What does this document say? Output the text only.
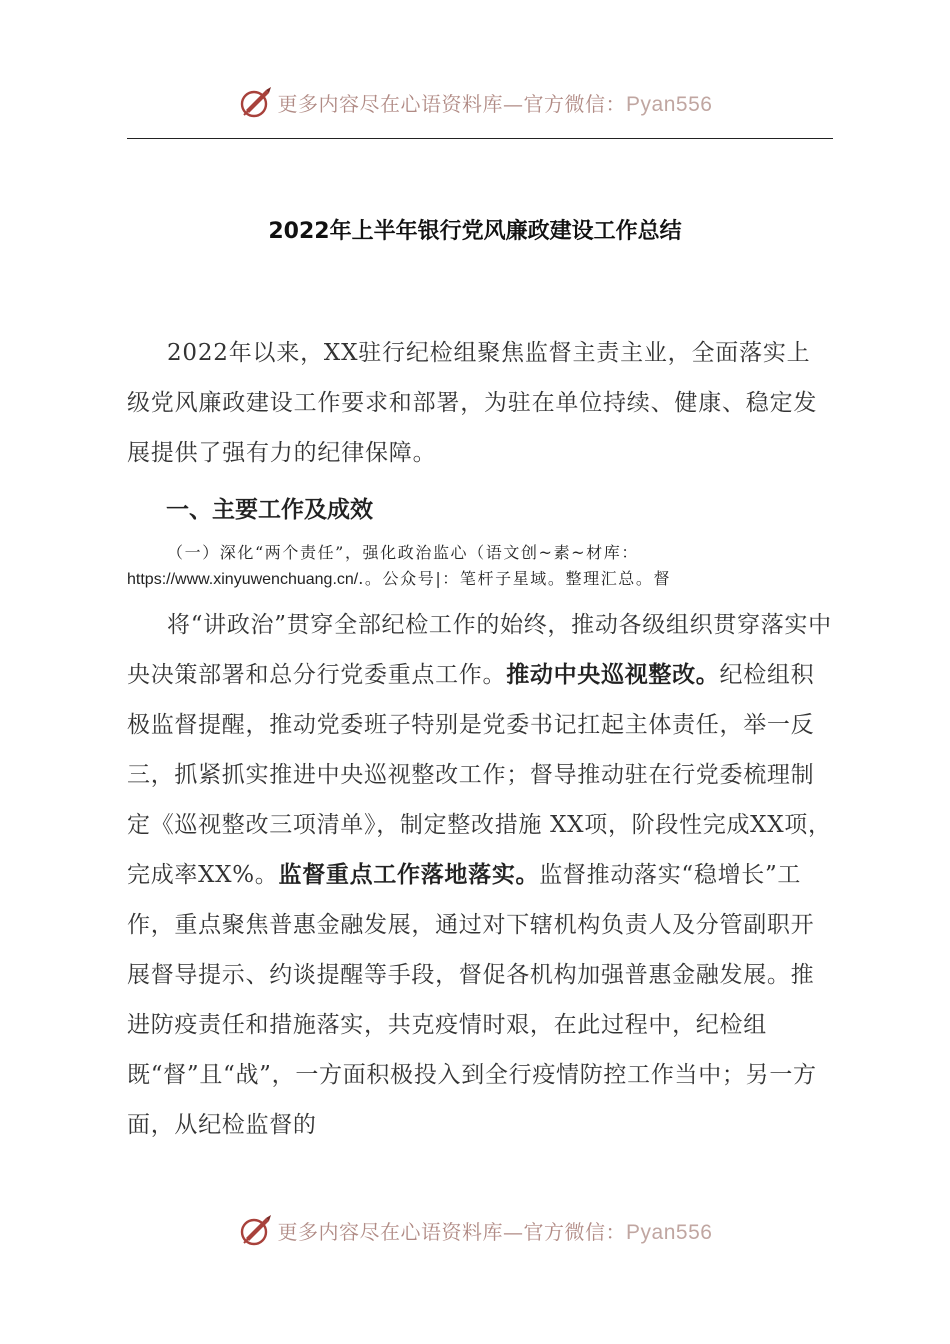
更多内容尽在心语资料库—官方微信：Pyan556
2022年上半年银行党风廉政建设工作总结

2022年以来，XX驻行纪检组聚焦监督主责主业，全面落实上级党风廉政建设工作要求和部署，为驻在单位持续、健康、稳定发展提供了强有力的纪律保障。

一、主要工作及成效

（一）深化“两个责任”，强化政治监心（语文创~素~材库：https://www.xinyuwenchuang.cn/.。公众号|：笔杆子星域。整理汇总。督

将“讲政治”贯穿全部纪检工作的始终，推动各级组织贯穿落实中央决策部署和总分行党委重点工作。推动中央巡视整改。纪检组积极监督提醒，推动党委班子特别是党委书记扛起主体责任，举一反三，抓紧抓实推进中央巡视整改工作；督导推动驻在行党委梳理制定《巡视整改三项清单》，制定整改措施 XX项，阶段性完成XX项，完成率XX%。监督重点工作落地落实。监督推动落实“稳增长”工作，重点聚焦普惠金融发展，通过对下辖机构负责人及分管副职开展督导提示、约谈提醒等手段，督促各机构加强普惠金融发展。推进防疫责任和措施落实，共克疫情时艰，在此过程中，纪检组既“督”且“战”，一方面积极投入到全行疫情防控工作当中；另一方面，从纪检监督的

更多内容尽在心语资料库—官方微信：Pyan556
